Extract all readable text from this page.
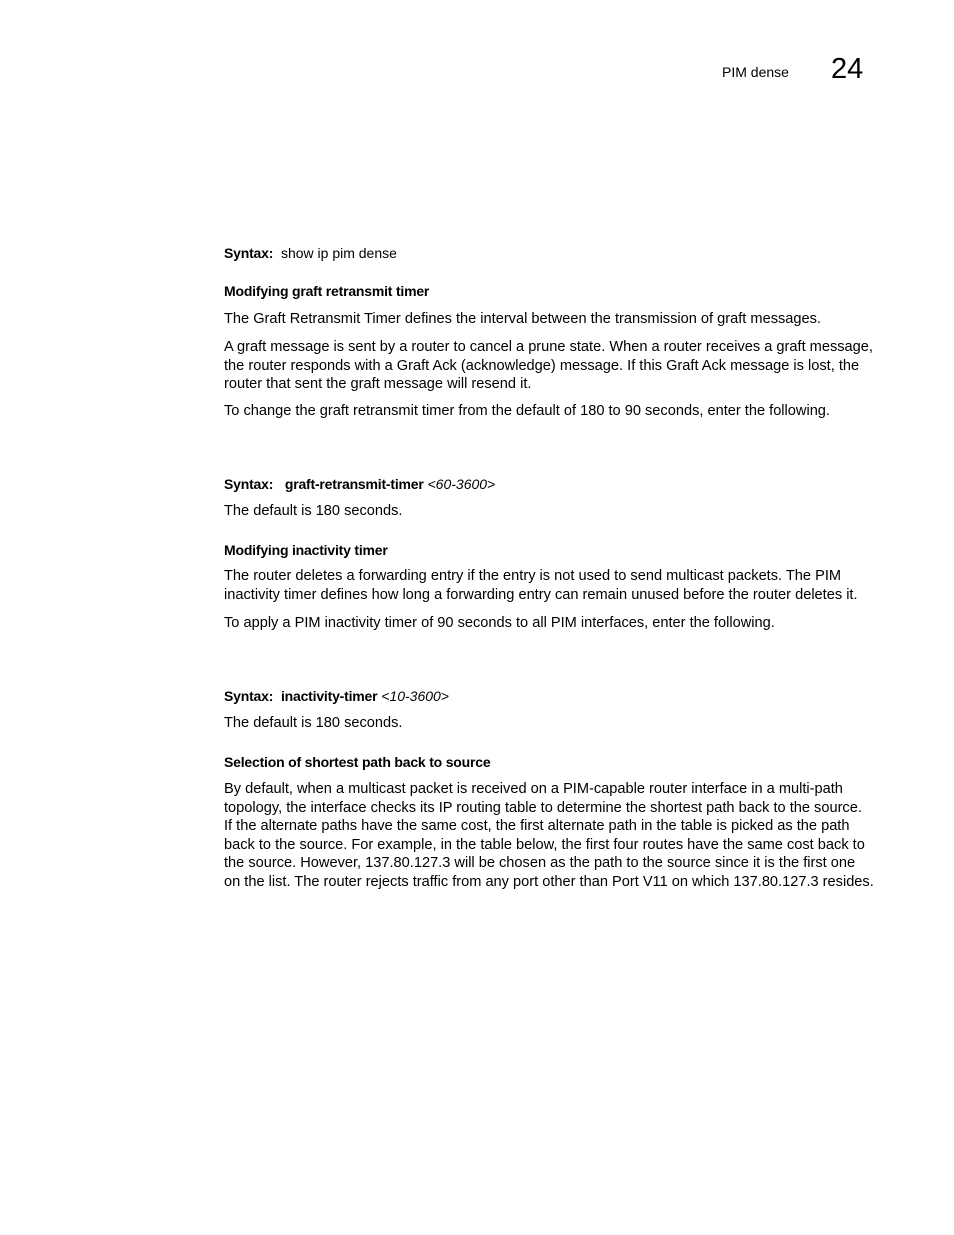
PIM dense 24
Syntax: show ip pim dense
Modifying graft retransmit timer

The Graft Retransmit Timer defines the interval between the transmission of graft messages.

A graft message is sent by a router to cancel a prune state. When a router receives a graft message, the router responds with a Graft Ack (acknowledge) message. If this Graft Ack message is lost, the router that sent the graft message will resend it.

To change the graft retransmit timer from the default of 180 to 90 seconds, enter the following.

Syntax: graft-retransmit-timer <60-3600>

The default is 180 seconds.

Modifying inactivity timer

The router deletes a forwarding entry if the entry is not used to send multicast packets. The PIM inactivity timer defines how long a forwarding entry can remain unused before the router deletes it.

To apply a PIM inactivity timer of 90 seconds to all PIM interfaces, enter the following.

Syntax: inactivity-timer <10-3600>

The default is 180 seconds.

Selection of shortest path back to source

By default, when a multicast packet is received on a PIM-capable router interface in a multi-path topology, the interface checks its IP routing table to determine the shortest path back to the source. If the alternate paths have the same cost, the first alternate path in the table is picked as the path back to the source. For example, in the table below, the first four routes have the same cost back to the source. However, 137.80.127.3 will be chosen as the path to the source since it is the first one on the list. The router rejects traffic from any port other than Port V11 on which 137.80.127.3 resides.
